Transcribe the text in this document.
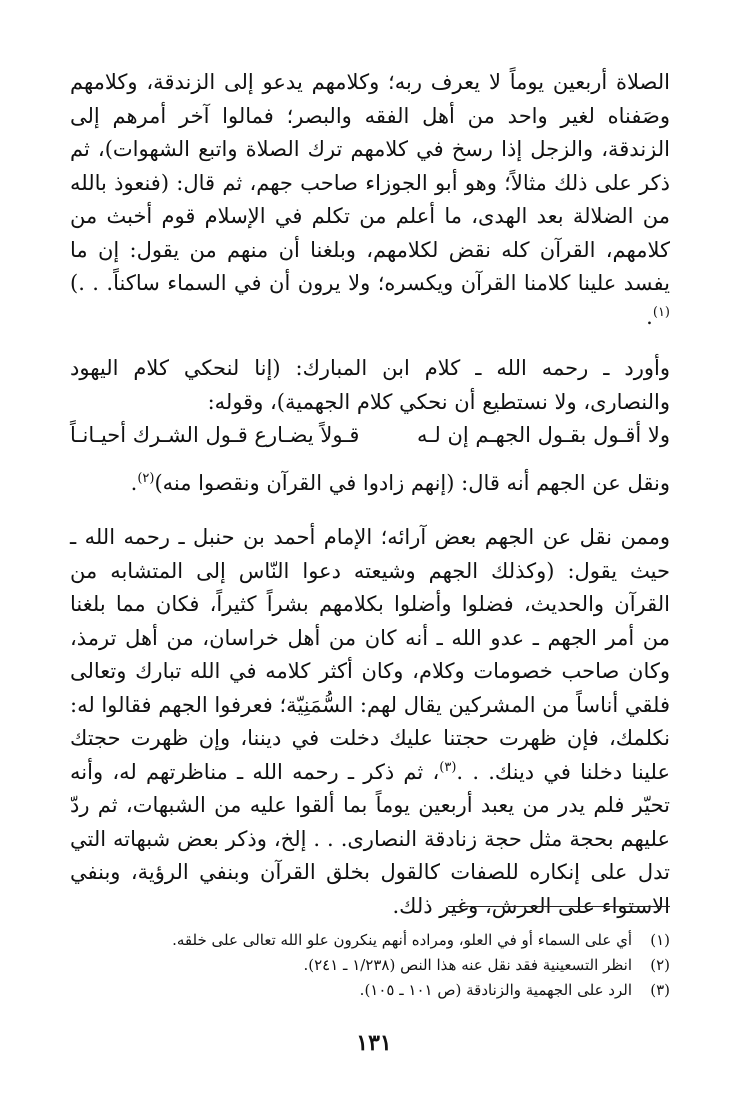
الصلاة أربعين يوماً لا يعرف ربه؛ وكلامهم يدعو إلى الزندقة، وكلامهم وصَفناه لغير واحد من أهل الفقه والبصر؛ فمالوا آخر أمرهم إلى الزندقة، والزجل إذا رسخ في كلامهم ترك الصلاة واتبع الشهوات)، ثم ذكر على ذلك مثالاً؛ وهو أبو الجوزاء صاحب جهم، ثم قال: (فنعوذ بالله من الضلالة بعد الهدى، ما أعلم من تكلم في الإسلام قوم أخبث من كلامهم، القرآن كله نقض لكلامهم، وبلغنا أن منهم من يقول: إن ما يفسد علينا كلامنا القرآن ويكسره؛ ولا يرون أن في السماء ساكناً. . .)$^{(١)}$.

وأورد ـ رحمه الله ـ كلام ابن المبارك: (إنا لنحكي كلام اليهود والنصارى، ولا نستطيع أن نحكي كلام الجهمية)، وقوله:

ولا أقـول بقـول الجهـم إن لـه
قـولاً يضـارع قـول الشـرك أحيـانـاً

ونقل عن الجهم أنه قال: (إنهم زادوا في القرآن ونقصوا منه)$^{(٢)}$.

وممن نقل عن الجهم بعض آرائه؛ الإمام أحمد بن حنبل ـ رحمه الله ـ حيث يقول: (وكذلك الجهم وشيعته دعوا النّاس إلى المتشابه من القرآن والحديث، فضلوا وأضلوا بكلامهم بشراً كثيراً، فكان مما بلغنا من أمر الجهم ـ عدو الله ـ أنه كان من أهل خراسان، من أهل ترمذ، وكان صاحب خصومات وكلام، وكان أكثر كلامه في الله تبارك وتعالى فلقي أناساً من المشركين يقال لهم: السُّمَنِيّة؛ فعرفوا الجهم فقالوا له: نكلمك، فإن ظهرت حجتنا عليك دخلت في ديننا، وإن ظهرت حجتك علينا دخلنا في دينك. . .$^{(٣)}$، ثم ذكر ـ رحمه الله ـ مناظرتهم له، وأنه تحيّر فلم يدر من يعبد أربعين يوماً بما ألقوا عليه من الشبهات، ثم ردّ عليهم بحجة مثل حجة زنادقة النصارى. . . إلخ، وذكر بعض شبهاته التي تدل على إنكاره للصفات كالقول بخلق القرآن وبنفي الرؤية، وبنفي الاستواء على العرش، وغير ذلك.

(١)
أي على السماء أو في العلو، ومراده أنهم ينكرون علو الله تعالى على خلقه.
(٢)
انظر التسعينية فقد نقل عنه هذا النص (١/٢٣٨ ـ ٢٤١).
(٣)
الرد على الجهمية والزنادقة (ص ١٠١ ـ ١٠٥).
١٣١
